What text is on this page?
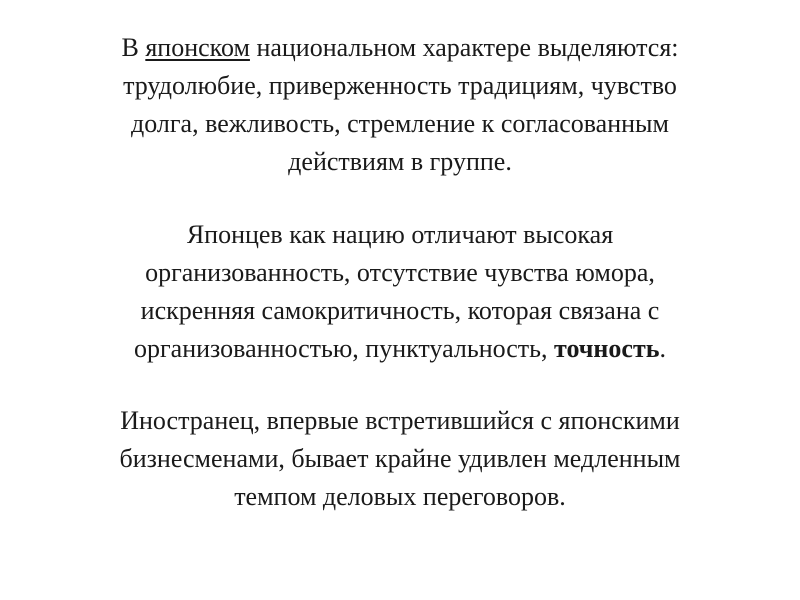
В японском национальном характере выделяются:
трудолюбие, приверженность традициям, чувство
долга, вежливость, стремление к согласованным
действиям в группе.
Японцев как нацию отличают высокая
организованность, отсутствие чувства юмора,
искренняя самокритичность, которая связана с
организованностью, пунктуальность, точность.
Иностранец, впервые встретившийся с японскими
бизнесменами, бывает крайне удивлен медленным
темпом деловых переговоров.
